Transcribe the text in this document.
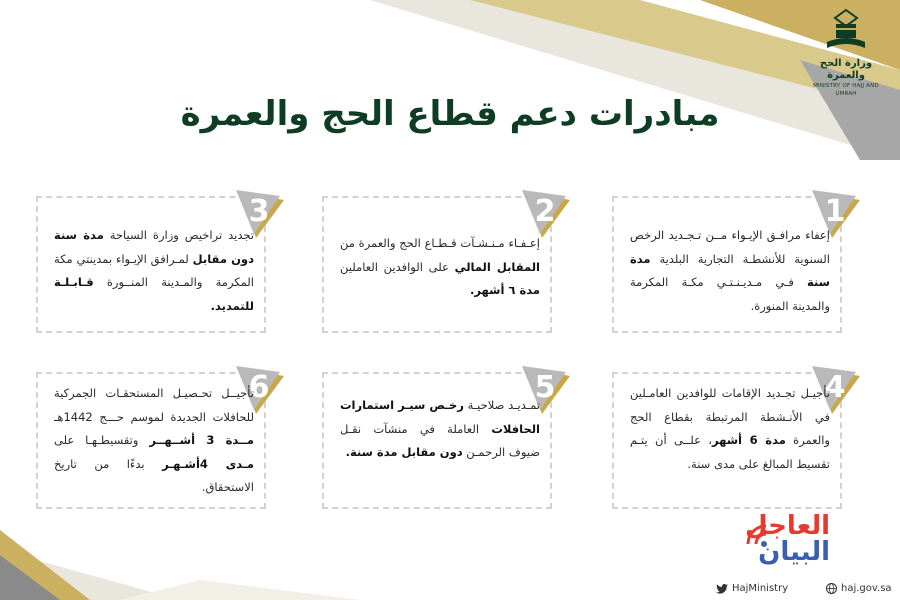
وزارة الحج والعمرة
MINISTRY OF HAJJ AND UMRAH
مبادرات دعم قطاع الحج والعمرة
1
إعفاء مرافـق الإيـواء مــن تـجـديد الرخص السنوية للأنشطـة التجارية البلدية مدة سنة فـي مـديـنـتـي مكـة المكرمة والمدينة المنورة.
2
إعـفـاء مـنـشـآت قـطـاع الحج والعمرة من المقابل المالي على الوافدين العاملين مدة ٦ أشهر.
3
تجديد تراخيص وزارة السياحة مدة سنة دون مقابل لمـرافق الإيـواء بمدينتي مكة المكرمة والمـدينة المنــورة قـابـلـة للتمديد.
4
تأجيـل تجـديد الإقامات للوافدين العامـلين في الأنـشطة المرتبطة بقطاع الحج والعمرة مدة 6 أشهر، علــى أن يتـم تقسيط المبالغ على مدى سنة.
5
تمـديـد صلاحيـة رخـص سيـر استمارات الحافلات العاملة في منشآت نقـل ضيوف الرحمـن دون مقابل مدة سنة.
6
تأجيــل تحـصيـل المستحقـات الجمركية للحافلات الجديدة لموسم حـــج 1442هـ مــدة 3 أشــهــر وتقسيطـهـا على مـدى 4أشـهـر بدءًا من تاريخ الاستحقاق.
العاجل
البيان
HajMinistry	haj.gov.sa
